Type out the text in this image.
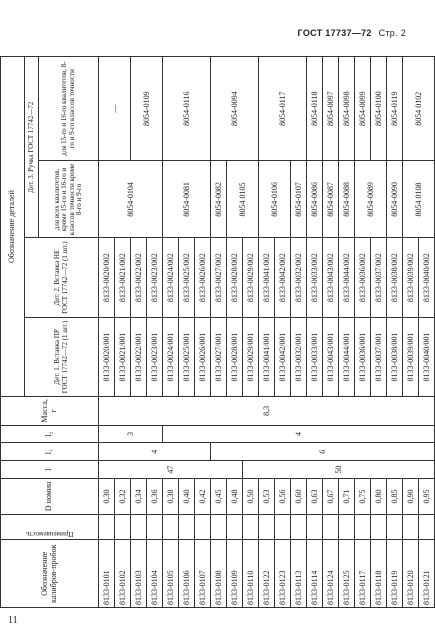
ГОСТ 17737—72 Стр. 2
11
Обозначение калибров-пробок	Применяемость	D номин	l	l₁	l₂	Масса, г	Обозначение деталей			
							Дет. 1. Вставка ПР ГОСТ 17742—72 (1 шт.)	Дет. 2. Вставка НЕ ГОСТ 17742—72 (1 шт.)	Дет. 3. Ручка ГОСТ 17742—72	
									для всех квалитетов, кроме 15-го и 16-го и классов точности кроме 8-го и 9-го	для 15-го и 16-го квалитетов, 8-го и 9-го классов точности
8133-0101		0,30	47	4	3	8,3	8133-0020/001	8133-0020/002	8054-0104	—
8133-0102		0,32					8133-0021/001	8133-0021/002		
8133-0103		0,34					8133-0022/001	8133-0022/002		8054-0109
8133-0104		0,36					8133-0023/001	8133-0023/002		
8133-0105		0,38			4		8133-0024/001	8133-0024/002	8054-0081	8054-0116
8133-0106		0,40					8133-0025/001	8133-0025/002		
8133-0107		0,42					8133-0026/001	8133-0026/002		
8133-0108		0,45		6			8133-0027/001	8133-0027/002	8054-0082	8054-0094
8133-0109		0,48					8133-0028/001	8133-0028/002	8054 0105	
8133-0110		0,50	50				8133-0029/001	8133-0029/002		
8133-0122		0,53					8133-0041/001	8133-0041/002	8054-0106	8054-0117
8133-0123		0,56					8133-0042/001	8133-0042/002		
8133-0113		0,60					8133-0032/001	8133-0032/002	8054-0107	
8133-0114		0,63					8133-0033/001	8133-0033/002	8054-0086	8054-0118
8133-0124		0,67					8133-0043/001	8133-0043/002	8054-0087	8054-0097
8133-0125		0,71					8133-0044/001	8133-0044/002	8054-0088	8054-0098
8133-0117		0,75					8133-0036/001	8133-0036/002	8054-0089	8054-0099
8133-0118		0,80					8133-0037/001	8133-0037/002		8054-0100
8133-0119		0,85					8133-0038/001	8133-0038/002	8054-0090	8054-0119
8133-0120		0,90					8133-0039/001	8133-0039/002	8054 0108	8054 0102
8133-0121		0,95					8133-0040/001	8133-0040/002		
